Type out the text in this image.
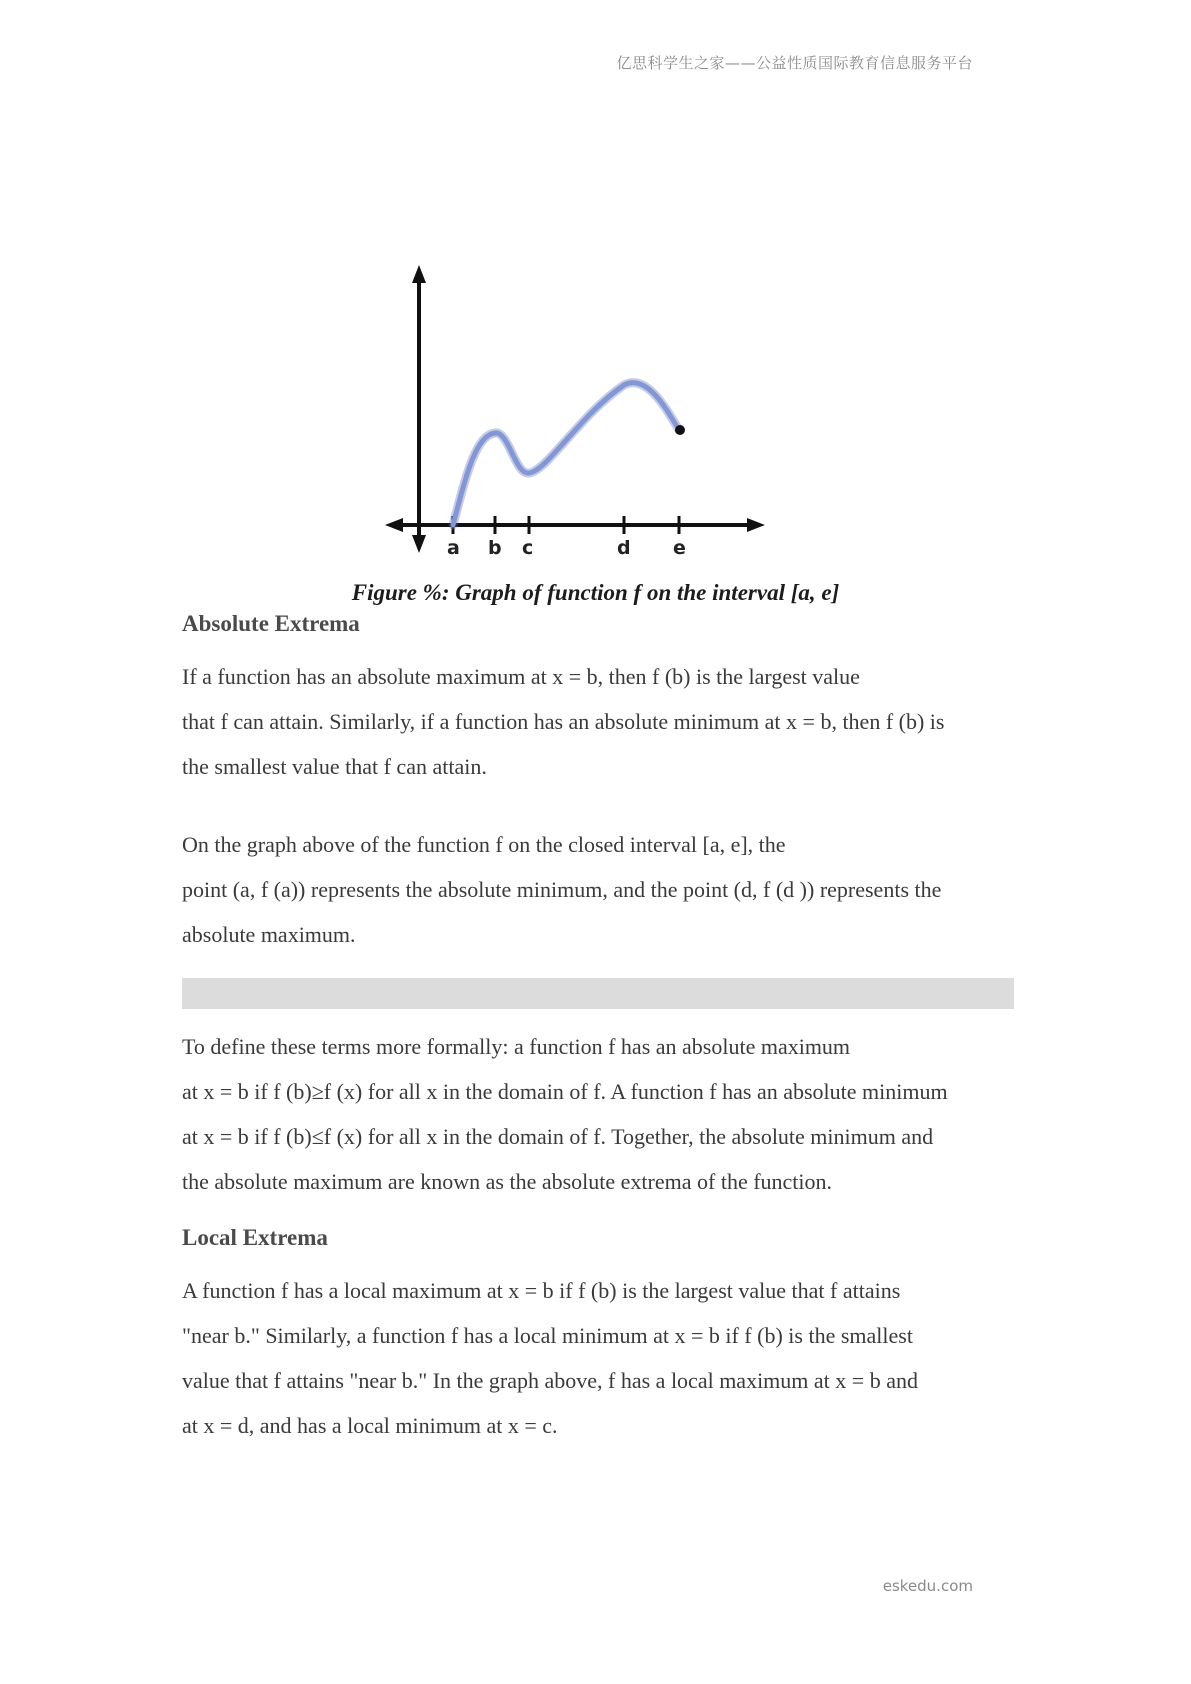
亿思科学生之家——公益性质国际教育信息服务平台
a b c	d e
Figure %: Graph of function f on the interval [a, e]
Absolute Extrema
If a function has an absolute maximum at x = b, then f (b) is the largest value
that f can attain. Similarly, if a function has an absolute minimum at x = b, then f (b) is
the smallest value that f can attain.
On the graph above of the function f on the closed interval [a, e], the
point (a, f (a)) represents the absolute minimum, and the point (d, f (d )) represents the
absolute maximum.
To define these terms more formally: a function f has an absolute maximum
at x = b if f (b)≥f (x) for all x in the domain of f. A function f has an absolute minimum
at x = b if f (b)≤f (x) for all x in the domain of f. Together, the absolute minimum and
the absolute maximum are known as the absolute extrema of the function.
Local Extrema
A function f has a local maximum at x = b if f (b) is the largest value that f attains
"near b." Similarly, a function f has a local minimum at x = b if f (b) is the smallest
value that f attains "near b." In the graph above, f has a local maximum at x = b and
at x = d, and has a local minimum at x = c.
eskedu.com
